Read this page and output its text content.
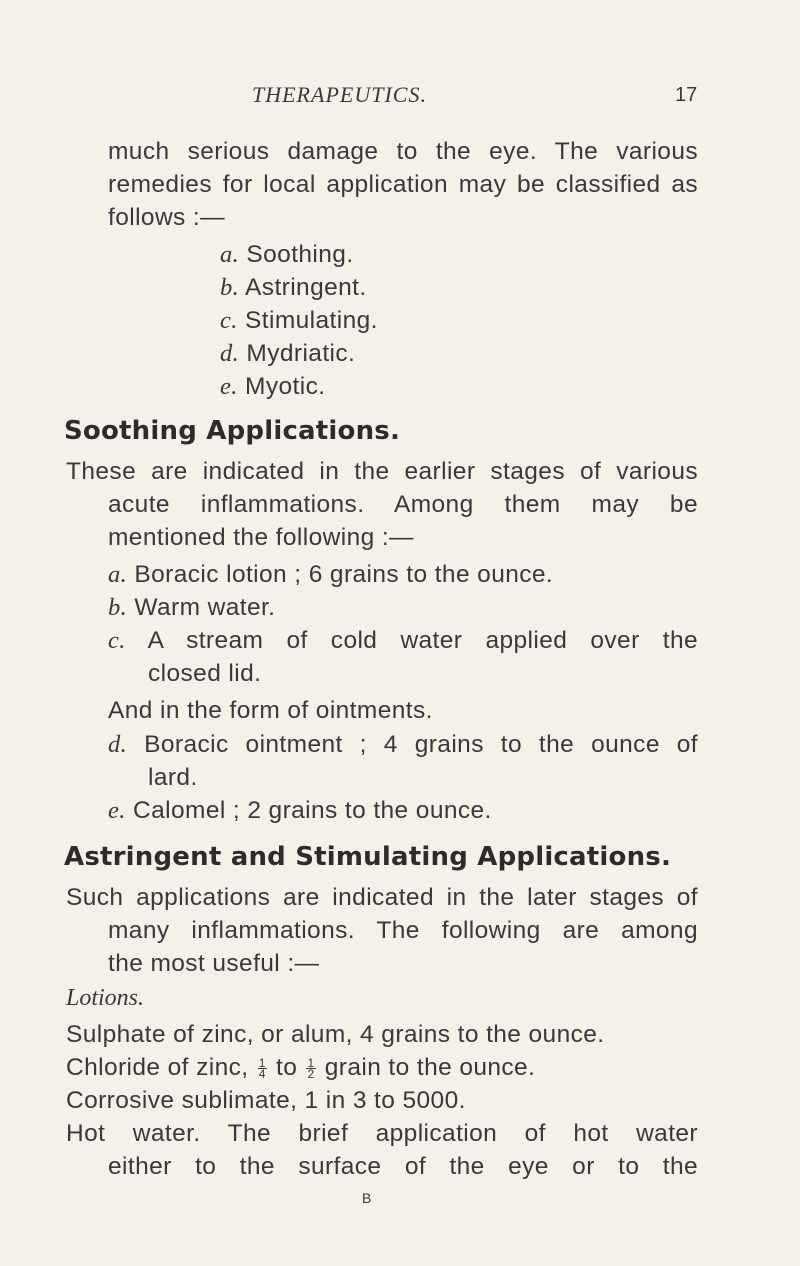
THERAPEUTICS.	17
much serious damage to the eye. The various
remedies for local application may be classified as
follows :—
a. Soothing.
b. Astringent.
c. Stimulating.
d. Mydriatic.
e. Myotic.
Soothing Applications.
These are indicated in the earlier stages of various
acute inflammations. Among them may be
mentioned the following :—
a. Boracic lotion ; 6 grains to the ounce.
b. Warm water.
c. A stream of cold water applied over the
closed lid.
And in the form of ointments.
d. Boracic ointment ; 4 grains to the ounce of
lard.
e. Calomel ; 2 grains to the ounce.
Astringent and Stimulating Applications.
Such applications are indicated in the later stages of
many inflammations. The following are among
the most useful :—
Lotions.
Sulphate of zinc, or alum, 4 grains to the ounce.
Chloride of zinc, $\frac{1}{4}$ to $\frac{1}{2}$ grain to the ounce.
Corrosive sublimate, 1 in 3 to 5000.
Hot water. The brief application of hot water
either to the surface of the eye or to the
B
